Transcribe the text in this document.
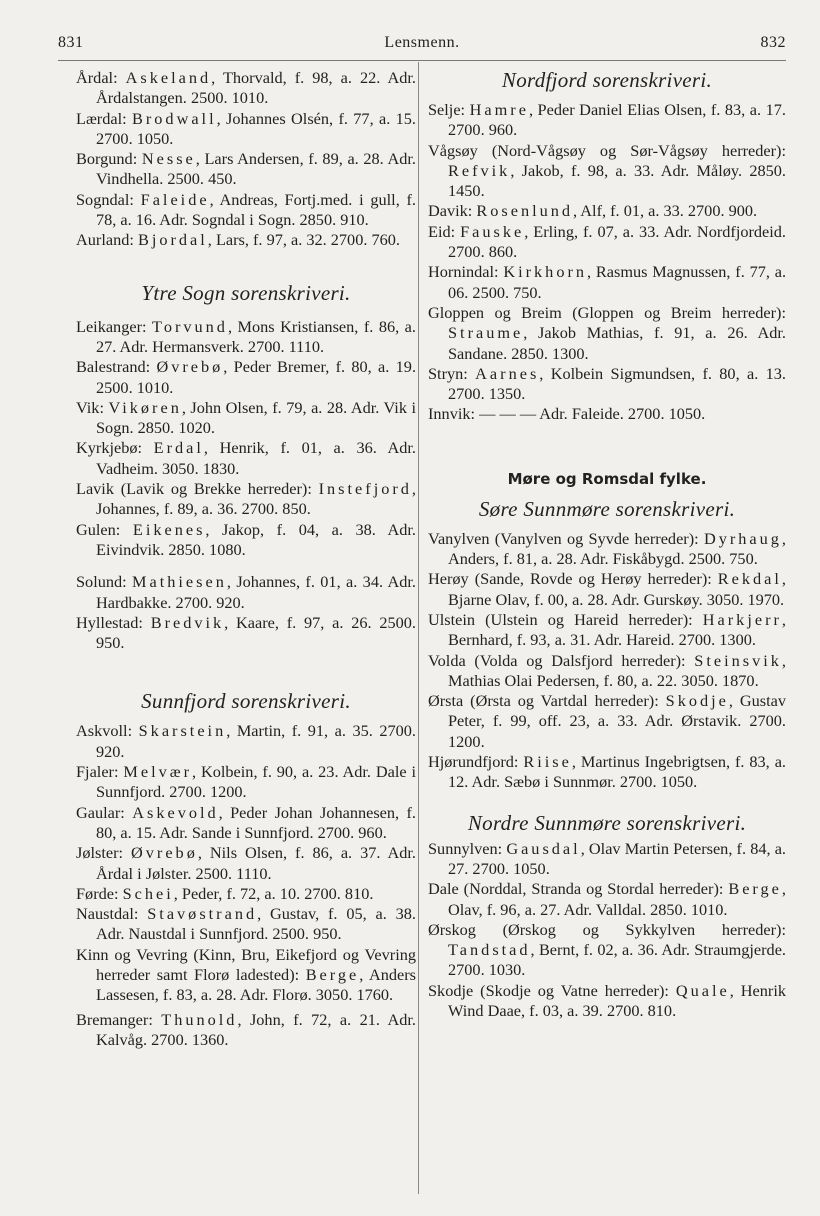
831	Lensmenn.	832
Årdal: Askeland, Thorvald, f. 98, a. 22. Adr. Årdalstangen. 2500. 1010.
Lærdal: Brodwall, Johannes Olsén, f. 77, a. 15. 2700. 1050.
Borgund: Nesse, Lars Andersen, f. 89, a. 28. Adr. Vindhella. 2500. 450.
Sogndal: Faleide, Andreas, Fortj.med. i gull, f. 78, a. 16. Adr. Sogndal i Sogn. 2850. 910.
Aurland: Bjordal, Lars, f. 97, a. 32. 2700. 760.
Ytre Sogn sorenskriveri.
Leikanger: Torvund, Mons Kristiansen, f. 86, a. 27. Adr. Hermansverk. 2700. 1110.
Balestrand: Øvrebø, Peder Bremer, f. 80, a. 19. 2500. 1010.
Vik: Vikøren, John Olsen, f. 79, a. 28. Adr. Vik i Sogn. 2850. 1020.
Kyrkjebø: Erdal, Henrik, f. 01, a. 36. Adr. Vadheim. 3050. 1830.
Lavik (Lavik og Brekke herreder): Instefjord, Johannes, f. 89, a. 36. 2700. 850.
Gulen: Eikenes, Jakop, f. 04, a. 38. Adr. Eivindvik. 2850. 1080.
Solund: Mathiesen, Johannes, f. 01, a. 34. Adr. Hardbakke. 2700. 920.
Hyllestad: Bredvik, Kaare, f. 97, a. 26. 2500. 950.
Sunnfjord sorenskriveri.
Askvoll: Skarstein, Martin, f. 91, a. 35. 2700. 920.
Fjaler: Melvær, Kolbein, f. 90, a. 23. Adr. Dale i Sunnfjord. 2700. 1200.
Gaular: Askevold, Peder Johan Johannesen, f. 80, a. 15. Adr. Sande i Sunnfjord. 2700. 960.
Jølster: Øvrebø, Nils Olsen, f. 86, a. 37. Adr. Årdal i Jølster. 2500. 1110.
Førde: Schei, Peder, f. 72, a. 10. 2700. 810.
Naustdal: Stavøstrand, Gustav, f. 05, a. 38. Adr. Naustdal i Sunnfjord. 2500. 950.
Kinn og Vevring (Kinn, Bru, Eikefjord og Vevring herreder samt Florø ladested): Berge, Anders Lassesen, f. 83, a. 28. Adr. Florø. 3050. 1760.
Bremanger: Thunold, John, f. 72, a. 21. Adr. Kalvåg. 2700. 1360.
Nordfjord sorenskriveri.
Selje: Hamre, Peder Daniel Elias Olsen, f. 83, a. 17. 2700. 960.
Vågsøy (Nord-Vågsøy og Sør-Vågsøy herreder): Refvik, Jakob, f. 98, a. 33. Adr. Måløy. 2850. 1450.
Davik: Rosenlund, Alf, f. 01, a. 33. 2700. 900.
Eid: Fauske, Erling, f. 07, a. 33. Adr. Nordfjordeid. 2700. 860.
Hornindal: Kirkhorn, Rasmus Magnussen, f. 77, a. 06. 2500. 750.
Gloppen og Breim (Gloppen og Breim herreder): Straume, Jakob Mathias, f. 91, a. 26. Adr. Sandane. 2850. 1300.
Stryn: Aarnes, Kolbein Sigmundsen, f. 80, a. 13. 2700. 1350.
Innvik: — — — Adr. Faleide. 2700. 1050.
Møre og Romsdal fylke.
Søre Sunnmøre sorenskriveri.
Vanylven (Vanylven og Syvde herreder): Dyrhaug, Anders, f. 81, a. 28. Adr. Fiskåbygd. 2500. 750.
Herøy (Sande, Rovde og Herøy herreder): Rekdal, Bjarne Olav, f. 00, a. 28. Adr. Gurskøy. 3050. 1970.
Ulstein (Ulstein og Hareid herreder): Harkjerr, Bernhard, f. 93, a. 31. Adr. Hareid. 2700. 1300.
Volda (Volda og Dalsfjord herreder): Steinsvik, Mathias Olai Pedersen, f. 80, a. 22. 3050. 1870.
Ørsta (Ørsta og Vartdal herreder): Skodje, Gustav Peter, f. 99, off. 23, a. 33. Adr. Ørstavik. 2700. 1200.
Hjørundfjord: Riise, Martinus Ingebrigtsen, f. 83, a. 12. Adr. Sæbø i Sunnmør. 2700. 1050.
Nordre Sunnmøre sorenskriveri.
Sunnylven: Gausdal, Olav Martin Petersen, f. 84, a. 27. 2700. 1050.
Dale (Norddal, Stranda og Stordal herreder): Berge, Olav, f. 96, a. 27. Adr. Valldal. 2850. 1010.
Ørskog (Ørskog og Sykkylven herreder): Tandstad, Bernt, f. 02, a. 36. Adr. Straumgjerde. 2700. 1030.
Skodje (Skodje og Vatne herreder): Quale, Henrik Wind Daae, f. 03, a. 39. 2700. 810.
